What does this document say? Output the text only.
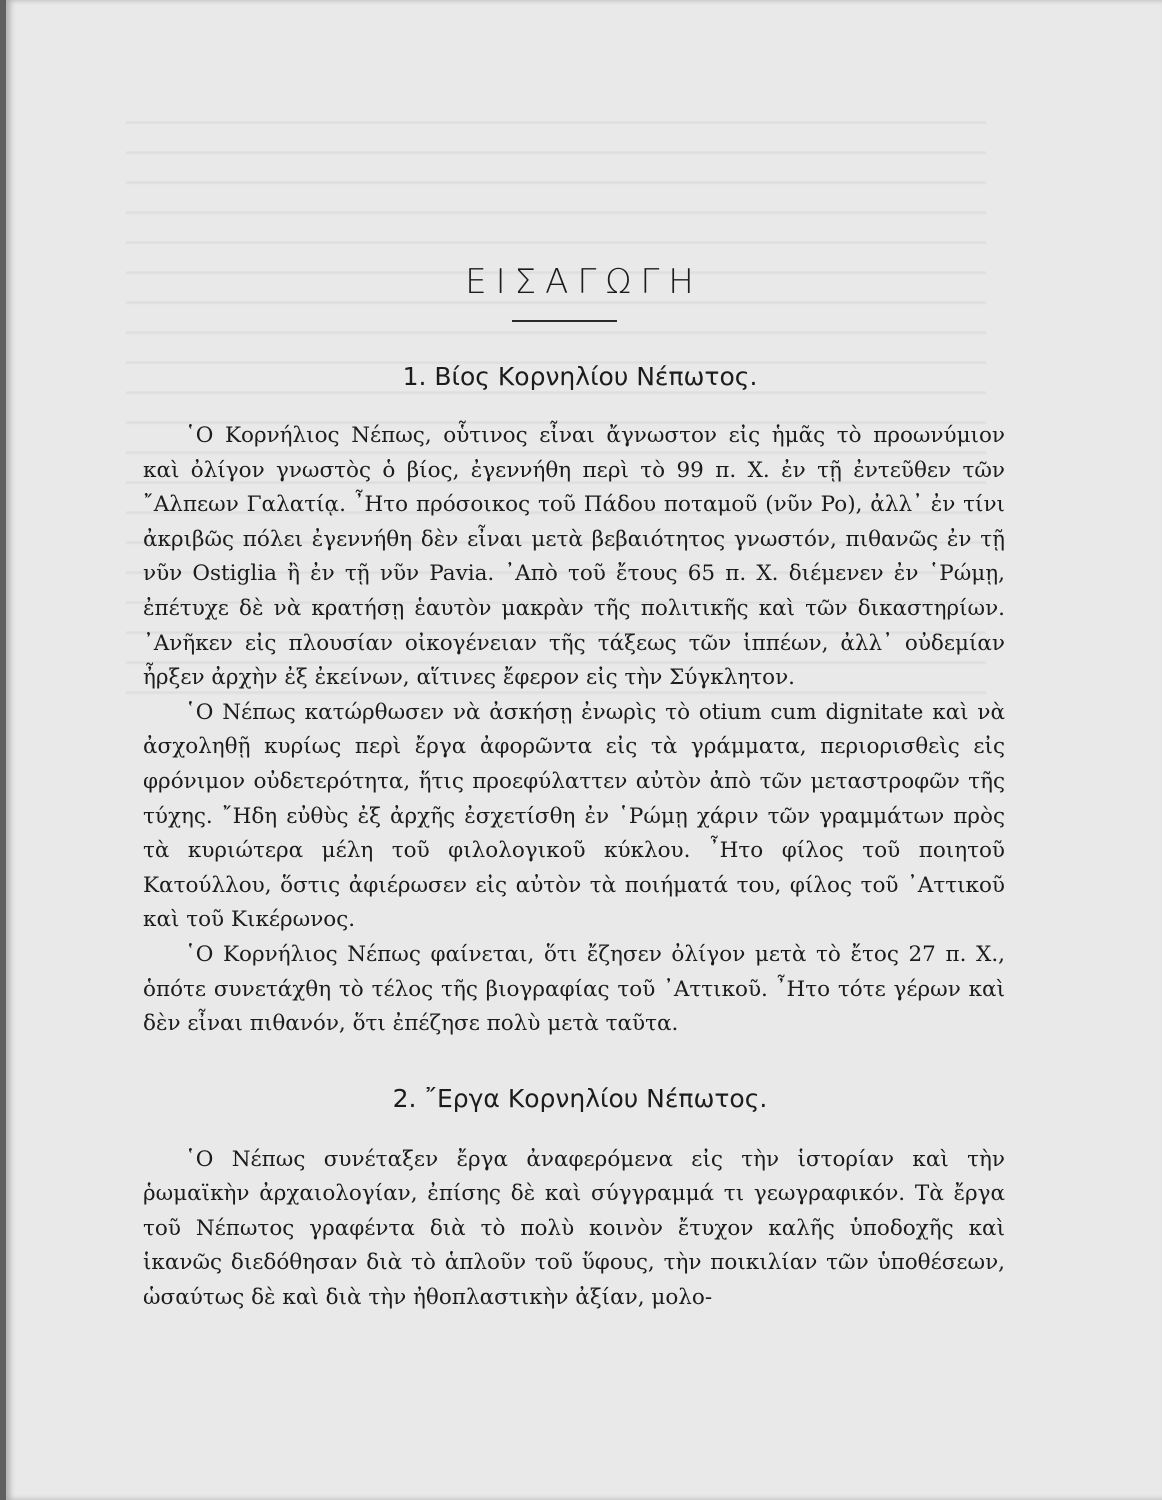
ΕΙΣΑΓΩΓΗ
1. Βίος Κορνηλίου Νέπωτος.

῾Ο Κορνήλιος Νέπως, οὗτινος εἶναι ἄγνωστον εἰς ἡμᾶς τὸ προωνύμιον καὶ ὀλίγον γνωστὸς ὁ βίος, ἐγεννήθη περὶ τὸ 99 π. Χ. ἐν τῇ ἐντεῦθεν τῶν ῎Αλπεων Γαλατίᾳ. ῏Ητο πρόσοικος τοῦ Πάδου ποταμοῦ (νῦν Po), ἀλλ᾽ ἐν τίνι ἀκριβῶς πόλει ἐγεννήθη δὲν εἶναι μετὰ βεβαιότητος γνωστόν, πιθανῶς ἐν τῇ νῦν Ostiglia ἢ ἐν τῇ νῦν Pavia. ᾽Απὸ τοῦ ἔτους 65 π. Χ. διέμενεν ἐν ῾Ρώμῃ, ἐπέτυχε δὲ νὰ κρατήσῃ ἑαυτὸν μακρὰν τῆς πολιτικῆς καὶ τῶν δικαστηρίων. ᾽Ανῆκεν εἰς πλουσίαν οἰκογένειαν τῆς τάξεως τῶν ἱππέων, ἀλλ᾽ οὐδεμίαν ἦρξεν ἀρχὴν ἐξ ἐκείνων, αἵτινες ἔφερον εἰς τὴν Σύγκλητον.

῾Ο Νέπως κατώρθωσεν νὰ ἀσκήσῃ ἐνωρὶς τὸ otium cum dignitate καὶ νὰ ἀσχοληθῇ κυρίως περὶ ἔργα ἀφορῶντα εἰς τὰ γράμματα, περιορισθεὶς εἰς φρόνιμον οὐδετερότητα, ἥτις προεφύλαττεν αὐτὸν ἀπὸ τῶν μεταστροφῶν τῆς τύχης. ῎Ηδη εὐθὺς ἐξ ἀρχῆς ἐσχετίσθη ἐν ῾Ρώμῃ χάριν τῶν γραμμάτων πρὸς τὰ κυριώτερα μέλη τοῦ φιλολογικοῦ κύκλου. ῏Ητο φίλος τοῦ ποιητοῦ Κατούλλου, ὅστις ἀφιέρωσεν εἰς αὐτὸν τὰ ποιήματά του, φίλος τοῦ ᾽Αττικοῦ καὶ τοῦ Κικέρωνος.

῾Ο Κορνήλιος Νέπως φαίνεται, ὅτι ἔζησεν ὀλίγον μετὰ τὸ ἔτος 27 π. Χ., ὁπότε συνετάχθη τὸ τέλος τῆς βιογραφίας τοῦ ᾽Αττικοῦ. ῏Ητο τότε γέρων καὶ δὲν εἶναι πιθανόν, ὅτι ἐπέζησε πολὺ μετὰ ταῦτα.

2. ῎Εργα Κορνηλίου Νέπωτος.

῾Ο Νέπως συνέταξεν ἔργα ἀναφερόμενα εἰς τὴν ἱστορίαν καὶ τὴν ῥωμαϊκὴν ἀρχαιολογίαν, ἐπίσης δὲ καὶ σύγγραμμά τι γεωγραφικόν. Τὰ ἔργα τοῦ Νέπωτος γραφέντα διὰ τὸ πολὺ κοινὸν ἔτυχον καλῆς ὑποδοχῆς καὶ ἱκανῶς διεδόθησαν διὰ τὸ ἁπλοῦν τοῦ ὕφους, τὴν ποικιλίαν τῶν ὑποθέσεων, ὡσαύτως δὲ καὶ διὰ τὴν ἠθοπλαστικὴν ἀξίαν, μολο-
